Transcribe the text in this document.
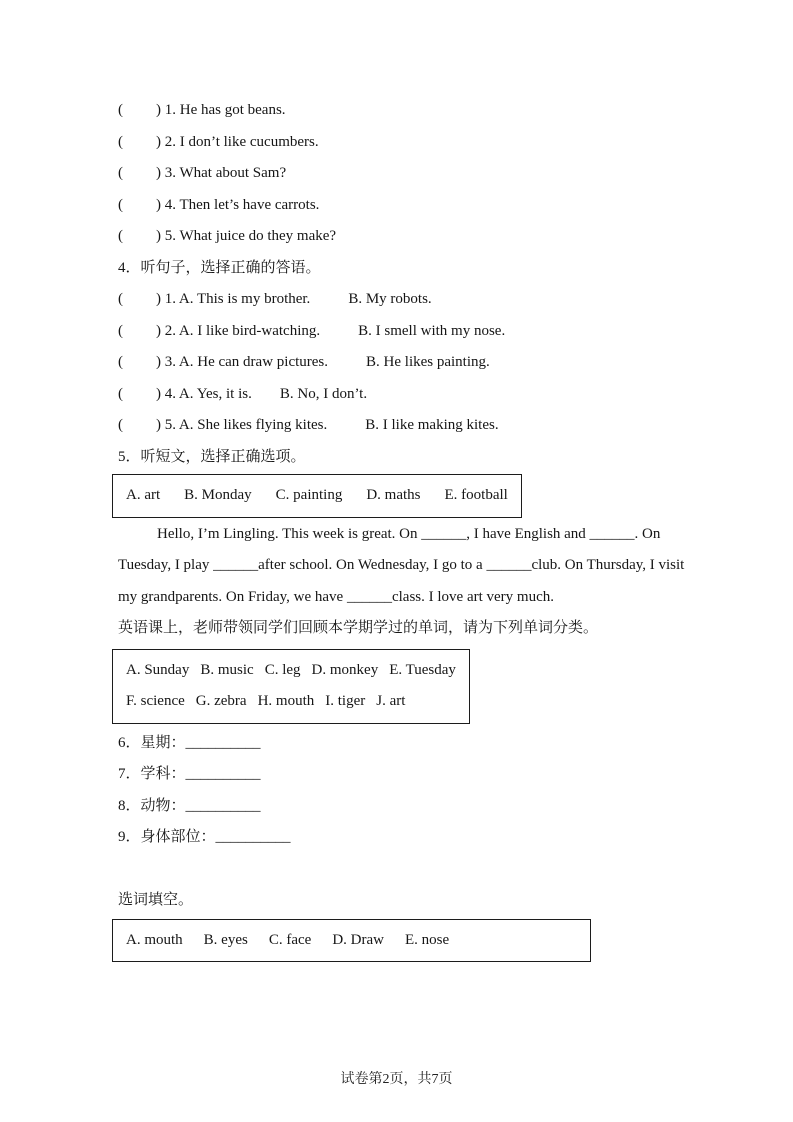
( ) 1. He has got beans.
( ) 2. I don’t like cucumbers.
( ) 3. What about Sam?
( ) 4. Then let’s have carrots.
( ) 5. What juice do they make?
4．听句子，选择正确的答语。
( ) 1. A. This is my brother.	B. My robots.
( ) 2. A. I like bird-watching.	B. I smell with my nose.
( ) 3. A. He can draw pictures.	B. He likes painting.
( ) 4. A. Yes, it is. B. No, I don’t.
( ) 5. A. She likes flying kites.	B. I like making kites.
5．听短文，选择正确选项。
A. art B. Monday C. painting D. maths E. football
Hello, I’m Lingling. This week is great. On ______, I have English and ______. On
Tuesday, I play ______after school. On Wednesday, I go to a ______club. On Thursday, I visit
my grandparents. On Friday, we have ______class. I love art very much.
英语课上，老师带领同学们回顾本学期学过的单词，请为下列单词分类。
A. Sunday B. music C. leg D. monkey E. Tuesday
F. science G. zebra H. mouth I. tiger J. art
6．星期：__________
7．学科：__________
8．动物：__________
9．身体部位：__________
选词填空。
A. mouth B. eyes C. face D. Draw E. nose
试卷第2页，共7页
